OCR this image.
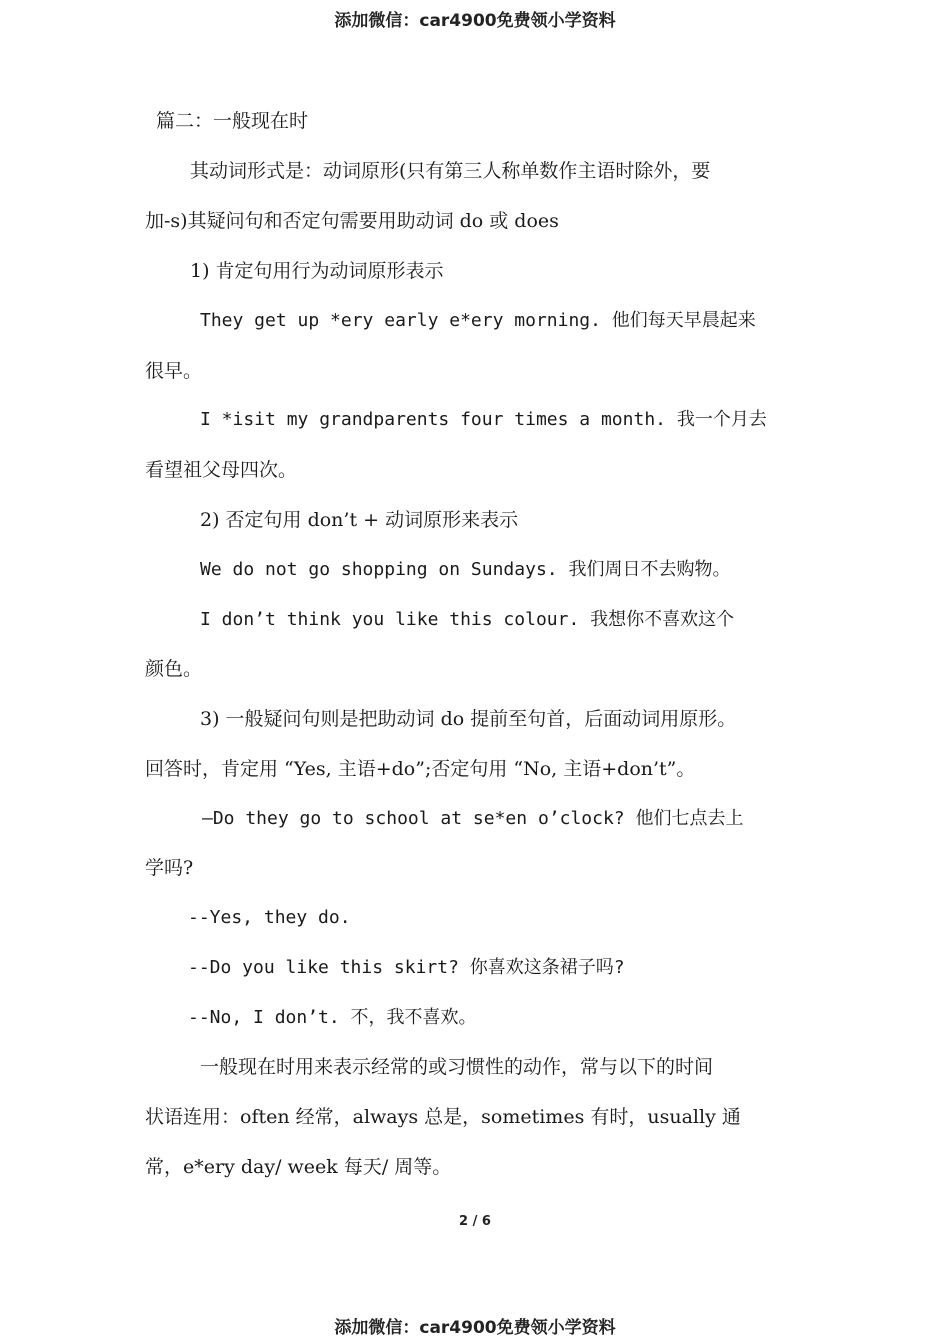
添加微信：car4900免费领小学资料
篇二：一般现在时
其动词形式是：动词原形(只有第三人称单数作主语时除外，要
加-s)其疑问句和否定句需要用助动词 do 或 does
1) 肯定句用行为动词原形表示
They get up *ery early e*ery morning. 他们每天早晨起来
很早。
I *isit my grandparents four times a month. 我一个月去
看望祖父母四次。
2) 否定句用 don’t + 动词原形来表示
We do not go shopping on Sundays. 我们周日不去购物。
I don’t think you like this colour. 我想你不喜欢这个
颜色。
3) 一般疑问句则是把助动词 do 提前至句首，后面动词用原形。
回答时，肯定用 “Yes, 主语+do”;否定句用 “No, 主语+don’t”。
–Do they go to school at se*en o’clock? 他们七点去上
学吗?
--Yes, they do.
--Do you like this skirt? 你喜欢这条裙子吗?
--No, I don’t. 不，我不喜欢。
一般现在时用来表示经常的或习惯性的动作，常与以下的时间
状语连用：often 经常，always 总是，sometimes 有时，usually 通
常，e*ery day/ week 每天/ 周等。
2 / 6
添加微信：car4900免费领小学资料
